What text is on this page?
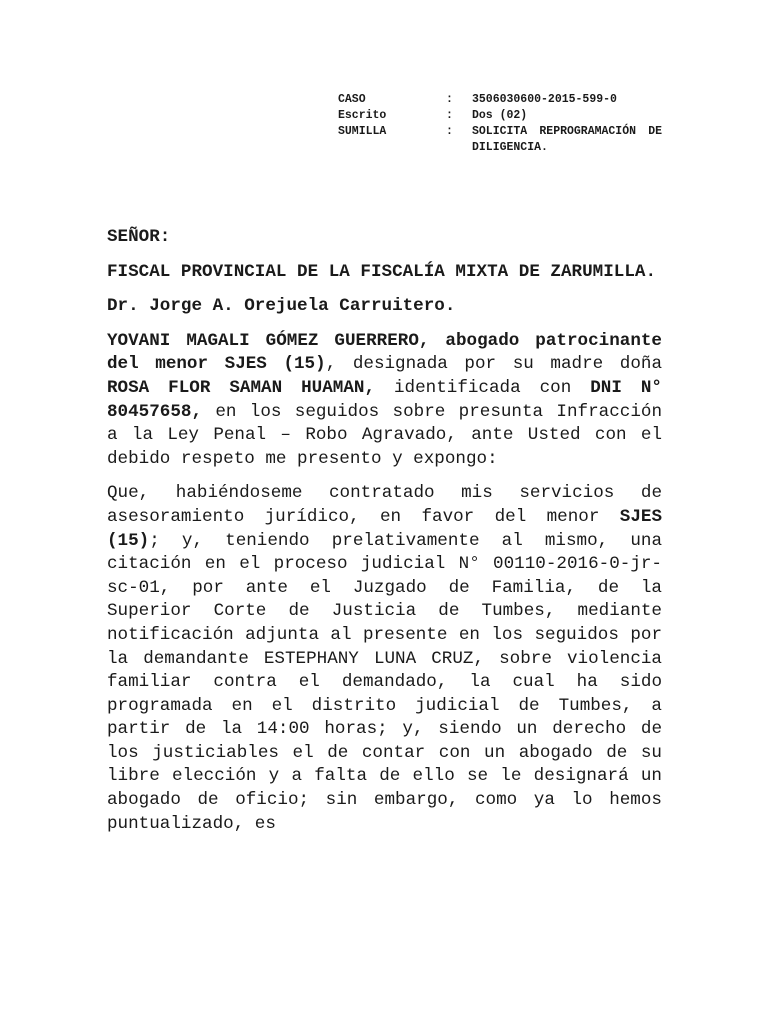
CASO	:	3506030600-2015-599-0
Escrito	:	Dos (02)
SUMILLA	:	SOLICITA REPROGRAMACIÓN DE DILIGENCIA.

SEÑOR:

FISCAL PROVINCIAL DE LA FISCALÍA MIXTA DE ZARUMILLA.

Dr. Jorge A. Orejuela Carruitero.

YOVANI MAGALI GÓMEZ GUERRERO, abogado patrocinante del menor SJES (15), designada por su madre doña ROSA FLOR SAMAN HUAMAN, identificada con DNI N° 80457658, en los seguidos sobre presunta Infracción a la Ley Penal – Robo Agravado, ante Usted con el debido respeto me presento y expongo:

Que, habiéndoseme contratado mis servicios de asesoramiento jurídico, en favor del menor SJES (15); y, teniendo prelativamente al mismo, una citación en el proceso judicial N° 00110-2016-0-jr-sc-01, por ante el Juzgado de Familia, de la Superior Corte de Justicia de Tumbes, mediante notificación adjunta al presente en los seguidos por la demandante ESTEPHANY LUNA CRUZ, sobre violencia familiar contra el demandado, la cual ha sido programada en el distrito judicial de Tumbes, a partir de la 14:00 horas; y, siendo un derecho de los justiciables el de contar con un abogado de su libre elección y a falta de ello se le designará un abogado de oficio; sin embargo, como ya lo hemos puntualizado, es
